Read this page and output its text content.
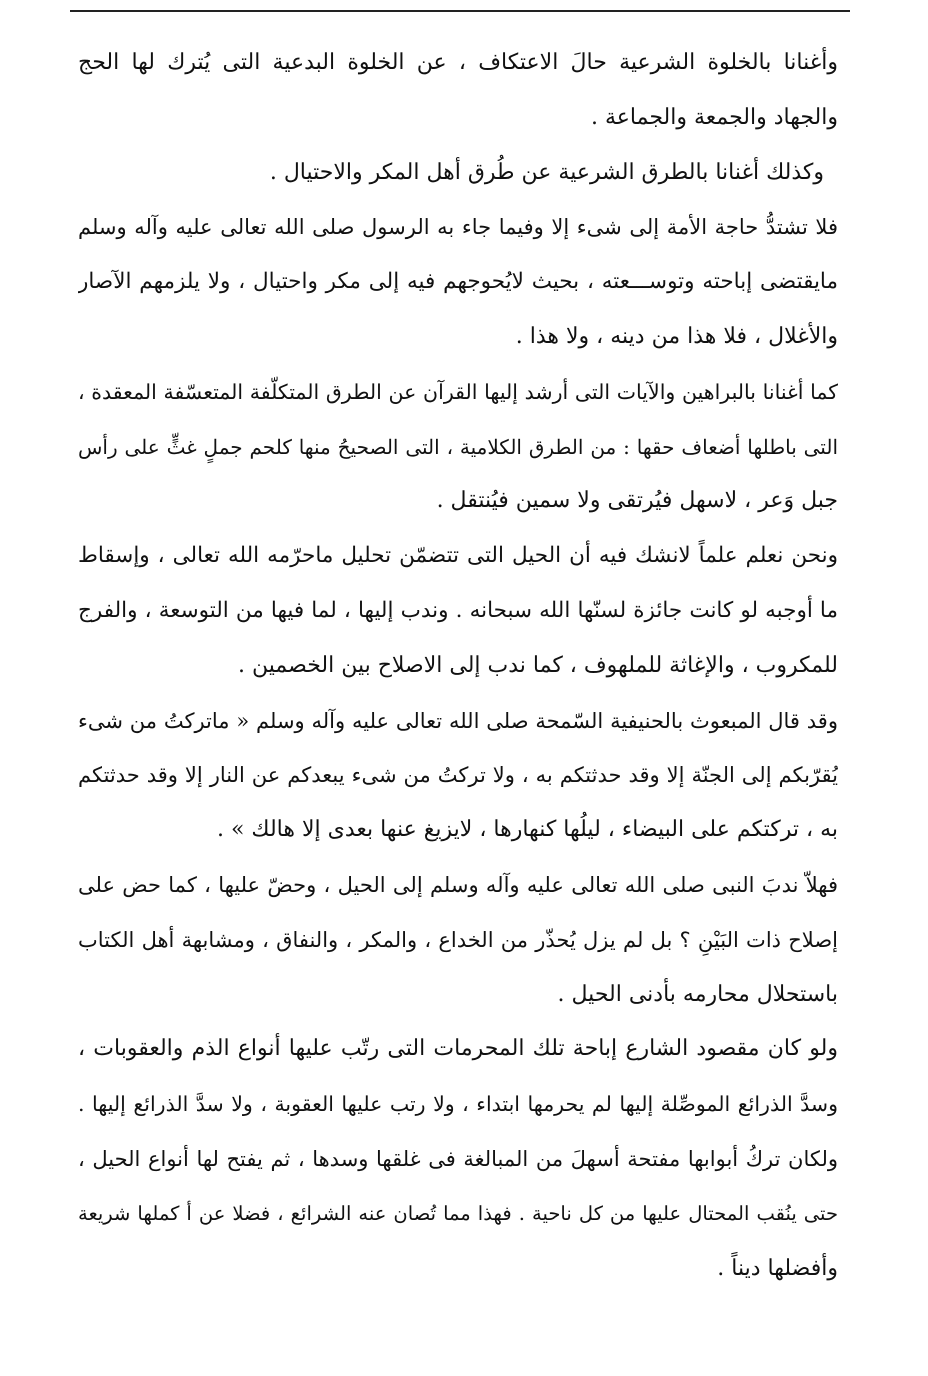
وأغنانا بالخلوة الشرعية حالَ الاعتكاف ، عن الخلوة البدعية التى يُترك لها الحج
والجهاد والجمعة والجماعة .
وكذلك أغنانا بالطرق الشرعية عن طُرق أهل المكر والاحتيال .
فلا تشتدُّ حاجة الأمة إلى شىء إلا وفيما جاء به الرسول صلى الله تعالى عليه وآله وسلم
مايقتضى إباحته وتوســـعته ، بحيث لايُحوجهم فيه إلى مكر واحتيال ، ولا يلزمهم الآصار
والأغلال ، فلا هذا من دينه ، ولا هذا .
كما أغنانا بالبراهين والآيات التى أرشد إليها القرآن عن الطرق المتكلّفة المتعسّفة المعقدة ،
التى باطلها أضعاف حقها : من الطرق الكلامية ، التى الصحيحُ منها كلحم جملٍ غثٍّ على رأس
جبل وَعر ، لاسهل فيُرتقى ولا سمين فيُنتقل .
ونحن نعلم علماً لانشك فيه أن الحيل التى تتضمّن تحليل ماحرّمه الله تعالى ، وإسقاط
ما أوجبه لو كانت جائزة لسنّها الله سبحانه . وندب إليها ، لما فيها من التوسعة ، والفرج
للمكروب ، والإغاثة للملهوف ، كما ندب إلى الاصلاح بين الخصمين .
وقد قال المبعوث بالحنيفية السّمحة صلى الله تعالى عليه وآله وسلم « ماتركتُ من شىء
يُقرّبكم إلى الجنّة إلا وقد حدثتكم به ، ولا تركتُ من شىء يبعدكم عن النار إلا وقد حدثتكم
به ، تركتكم على البيضاء ، ليلُها كنهارها ، لايزيغ عنها بعدى إلا هالك » .
فهلاّ ندبَ النبى صلى الله تعالى عليه وآله وسلم إلى الحيل ، وحضّ عليها ، كما حض على
إصلاح ذات البَيْنِ ؟ بل لم يزل يُحذّر من الخداع ، والمكر ، والنفاق ، ومشابهة أهل الكتاب
باستحلال محارمه بأدنى الحيل .
ولو كان مقصود الشارع إباحة تلك المحرمات التى رتّب عليها أنواع الذم والعقوبات ،
وسدَّ الذرائع الموصِّلة إليها لم يحرمها ابتداء ، ولا رتب عليها العقوبة ، ولا سدَّ الذرائع إليها .
ولكان تركُ أبوابها مفتحة أسهلَ من المبالغة فى غلقها وسدها ، ثم يفتح لها أنواع الحيل ،
حتى ينُقب المحتال عليها من كل ناحية . فهذا مما تُصان عنه الشرائع ، فضلا عن أ كملها شريعة
وأفضلها ديناً .
